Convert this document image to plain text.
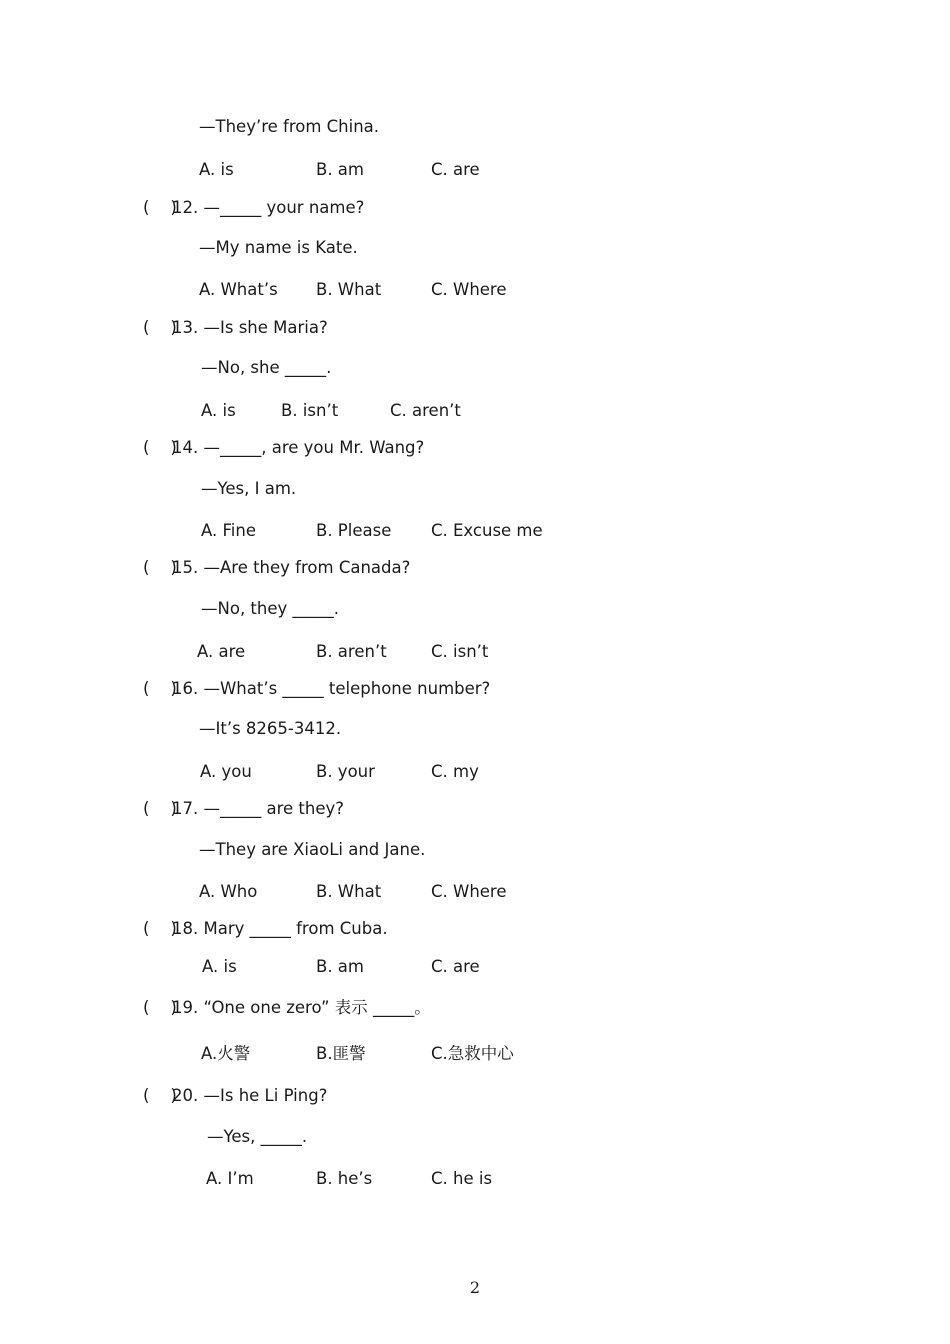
—They’re from China.
A. is	B. am	C. are
(    )
12. —_____ your name?
—My name is Kate.
A. What’s B. What	C. Where
(    )
13. —Is she Maria?
—No, she _____.
A. is	B. isn’t	C. aren’t
(    )
14. —_____, are you Mr. Wang?
—Yes, I am.
A. Fine	B. Please C. Excuse me
(    )
15. —Are they from Canada?
—No, they _____.
A. are	B. aren’t	C. isn’t
(    )
16. —What’s _____ telephone number?
—It’s 8265-3412.
A. you	B. your	C. my
(    )
17. —_____ are they?
—They are XiaoLi and Jane.
A. Who	B. What	C. Where
(    )
18. Mary _____ from Cuba.
A. is	B. am	C. are
(    )
19. “One one zero” 表示 _____。
A.火警	B.匪警	C.急救中心
(    )
20. —Is he Li Ping?
—Yes, _____.
A. I’m	B. he’s	C. he is
2
